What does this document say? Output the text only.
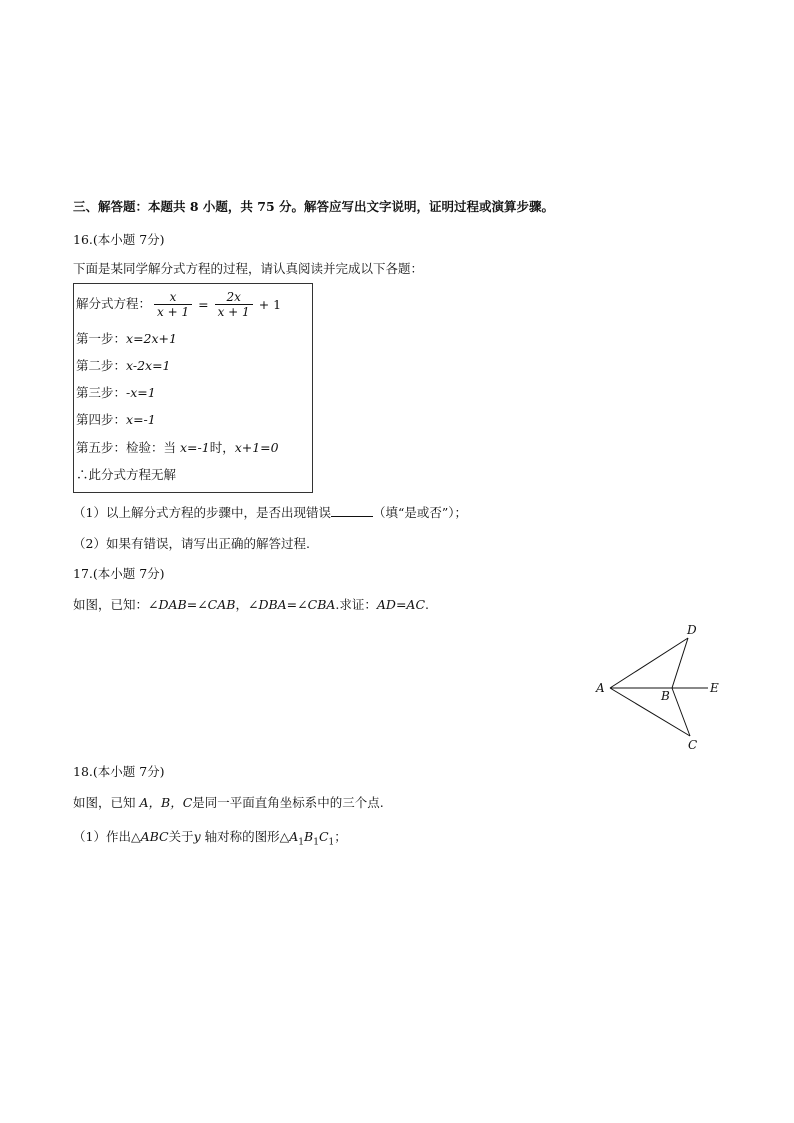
三、解答题：本题共 8 小题，共 75 分。解答应写出文字说明，证明过程或演算步骤。
16.(本小题 7分)
下面是某同学解分式方程的过程，请认真阅读并完成以下各题：
解分式方程： $\frac{x}{x + 1} = \frac{2x}{x + 1} + 1$
第一步：x=2x+1
第二步：x-2x=1
第三步：-x=1
第四步：x=-1
第五步：检验：当 x=-1时，x+1=0
∴此分式方程无解
（1）以上解分式方程的步骤中，是否出现错误	（填“是或否”）；
（2）如果有错误，请写出正确的解答过程.
17.(本小题 7分)
如图，已知：∠DAB=∠CAB，∠DBA=∠CBA.求证：AD=AC.
A
B
C
D
E
18.(本小题 7分)
如图，已知 A，B，C是同一平面直角坐标系中的三个点.
（1）作出△ABC关于y 轴对称的图形$\triangle A_1B_1C_1$；
